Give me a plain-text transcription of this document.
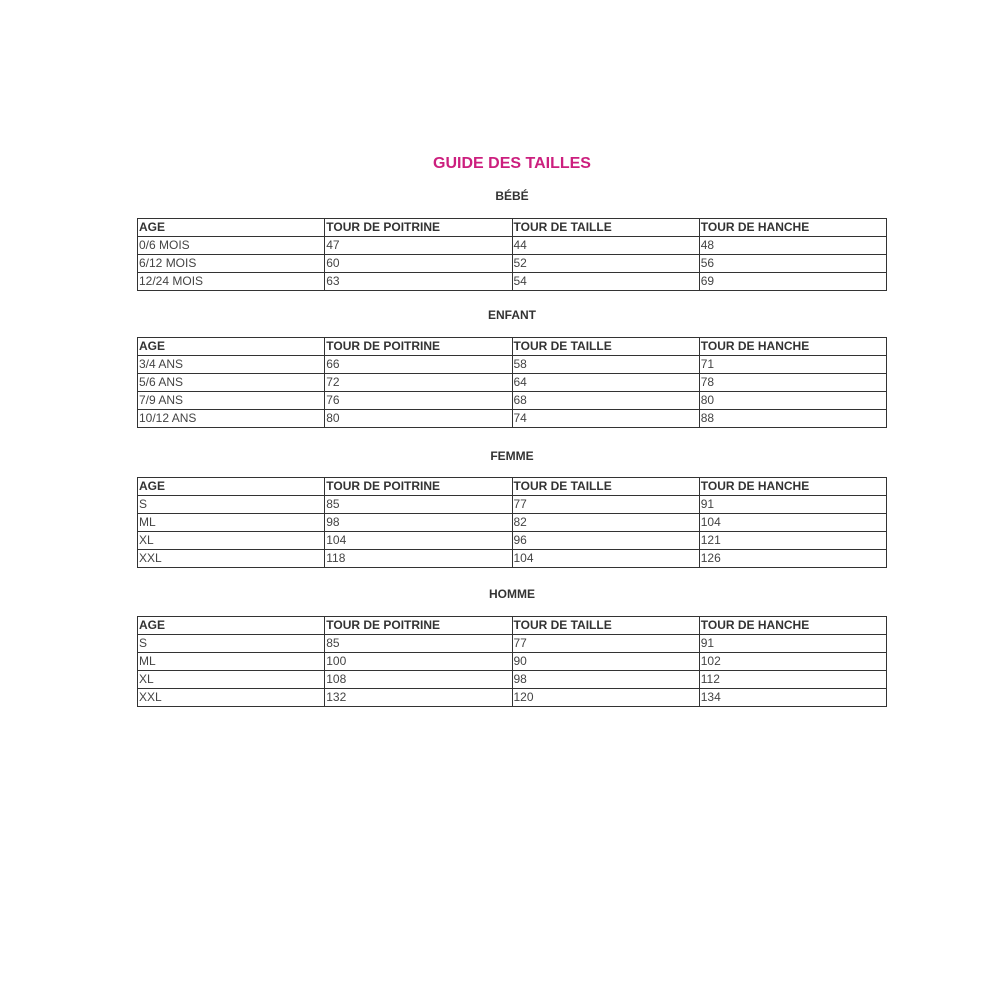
GUIDE DES TAILLES
BÉBÉ
AGE	TOUR DE POITRINE	TOUR DE TAILLE	TOUR DE HANCHE
0/6 MOIS	47	44	48
6/12 MOIS	60	52	56
12/24 MOIS	63	54	69
ENFANT
AGE	TOUR DE POITRINE	TOUR DE TAILLE	TOUR DE HANCHE
3/4 ANS	66	58	71
5/6 ANS	72	64	78
7/9 ANS	76	68	80
10/12 ANS	80	74	88
FEMME
AGE	TOUR DE POITRINE	TOUR DE TAILLE	TOUR DE HANCHE
S	85	77	91
ML	98	82	104
XL	104	96	121
XXL	118	104	126
HOMME
AGE	TOUR DE POITRINE	TOUR DE TAILLE	TOUR DE HANCHE
S	85	77	91
ML	100	90	102
XL	108	98	112
XXL	132	120	134
